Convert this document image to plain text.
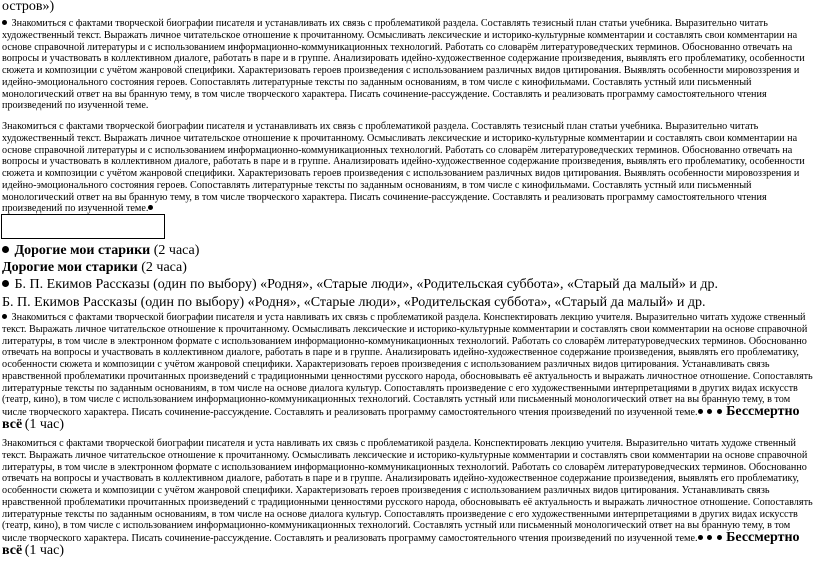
остров»)

Знакомиться с фактами творческой биографии писателя и устанавливать их связь с проблематикой раздела. Составлять тезисный план статьи учебника. Выразительно читать художественный текст. Выражать личное читательское отношение к прочитанному. Осмысливать лексические и историко-культурные комментарии и составлять свои комментарии на основе справочной литературы и с использованием информационно-коммуникационных технологий. Работать со словарём литературоведческих терминов. Обоснованно отвечать на вопросы и участвовать в коллективном диалоге, работать в паре и в группе. Анализировать идейно-художественное содержание произведения, выявлять его проблематику, особенности сюжета и композиции с учётом жанровой специфики. Характеризовать героев произведения с использованием различных видов цитирования. Выявлять особенности мировоззрения и идейно-эмоционального состояния героев. Сопоставлять литературные тексты по заданным основаниям, в том числе с кинофильмами. Составлять устный или письменный монологический ответ на вы бранную тему, в том числе творческого характера. Писать сочинение-рассуждение. Составлять и реализовать программу самостоятельного чтения произведений по изученной теме.

Знакомиться с фактами творческой биографии писателя и устанавливать их связь с проблематикой раздела. Составлять тезисный план статьи учебника. Выразительно читать художественный текст. Выражать личное читательское отношение к прочитанному. Осмысливать лексические и историко-культурные комментарии и составлять свои комментарии на основе справочной литературы и с использованием информационно-коммуникационных технологий. Работать со словарём литературоведческих терминов. Обоснованно отвечать на вопросы и участвовать в коллективном диалоге, работать в паре и в группе. Анализировать идейно-художественное содержание произведения, выявлять его проблематику, особенности сюжета и композиции с учётом жанровой специфики. Характеризовать героев произведения с использованием различных видов цитирования. Выявлять особенности мировоззрения и идейно-эмоционального состояния героев. Сопоставлять литературные тексты по заданным основаниям, в том числе с кинофильмами. Составлять устный или письменный монологический ответ на вы бранную тему, в том числе творческого характера. Писать сочинение-рассуждение. Составлять и реализовать программу самостоятельного чтения произведений по изученной теме.

Дорогие мои старики (2 часа)

Дорогие мои старики (2 часа)

Б. П. Екимов Рассказы (один по выбору) «Родня», «Старые люди», «Родительская суббота», «Старый да малый» и др.

Б. П. Екимов Рассказы (один по выбору) «Родня», «Старые люди», «Родительская суббота», «Старый да малый» и др.

Знакомиться с фактами творческой биографии писателя и уста навливать их связь с проблематикой раздела. Конспектировать лекцию учителя. Выразительно читать художе ственный текст. Выражать личное читательское отношение к прочитанному. Осмысливать лексические и историко-культурные комментарии и составлять свои комментарии на основе справочной литературы, в том числе в электронном формате с использованием информационно-коммуникационных технологий. Работать со словарём литературоведческих терминов. Обоснованно отвечать на вопросы и участвовать в коллективном диалоге, работать в паре и в группе. Анализировать идейно-художественное содержание произведения, выявлять его проблематику, особенности сюжета и композиции с учётом жанровой специфики. Характеризовать героев произведения с использованием различных видов цитирования. Устанавливать связь нравственной проблематики прочитанных произведений с традиционными ценностями русского народа, обосновывать её актуальность и выражать личностное отношение. Сопоставлять литературные тексты по заданным основаниям, в том числе на основе диалога культур. Сопоставлять произведение с его художественными интерпретациями в других видах искусств (театр, кино), в том числе с использованием информационно-коммуникационных технологий. Составлять устный или письменный монологический ответ на вы бранную тему, в том числе творческого характера. Писать сочинение-рассуждение. Составлять и реализовать программу самостоятельного чтения произведений по изученной теме. Бессмертно всё (1 час)

Знакомиться с фактами творческой биографии писателя и уста навливать их связь с проблематикой раздела. Конспектировать лекцию учителя. Выразительно читать художе ственный текст. Выражать личное читательское отношение к прочитанному. Осмысливать лексические и историко-культурные комментарии и составлять свои комментарии на основе справочной литературы, в том числе в электронном формате с использованием информационно-коммуникационных технологий. Работать со словарём литературоведческих терминов. Обоснованно отвечать на вопросы и участвовать в коллективном диалоге, работать в паре и в группе. Анализировать идейно-художественное содержание произведения, выявлять его проблематику, особенности сюжета и композиции с учётом жанровой специфики. Характеризовать героев произведения с использованием различных видов цитирования. Устанавливать связь нравственной проблематики прочитанных произведений с традиционными ценностями русского народа, обосновывать её актуальность и выражать личностное отношение. Сопоставлять литературные тексты по заданным основаниям, в том числе на основе диалога культур. Сопоставлять произведение с его художественными интерпретациями в других видах искусств (театр, кино), в том числе с использованием информационно-коммуникационных технологий. Составлять устный или письменный монологический ответ на вы бранную тему, в том числе творческого характера. Писать сочинение-рассуждение. Составлять и реализовать программу самостоятельного чтения произведений по изученной теме. Бессмертно всё (1 час)
